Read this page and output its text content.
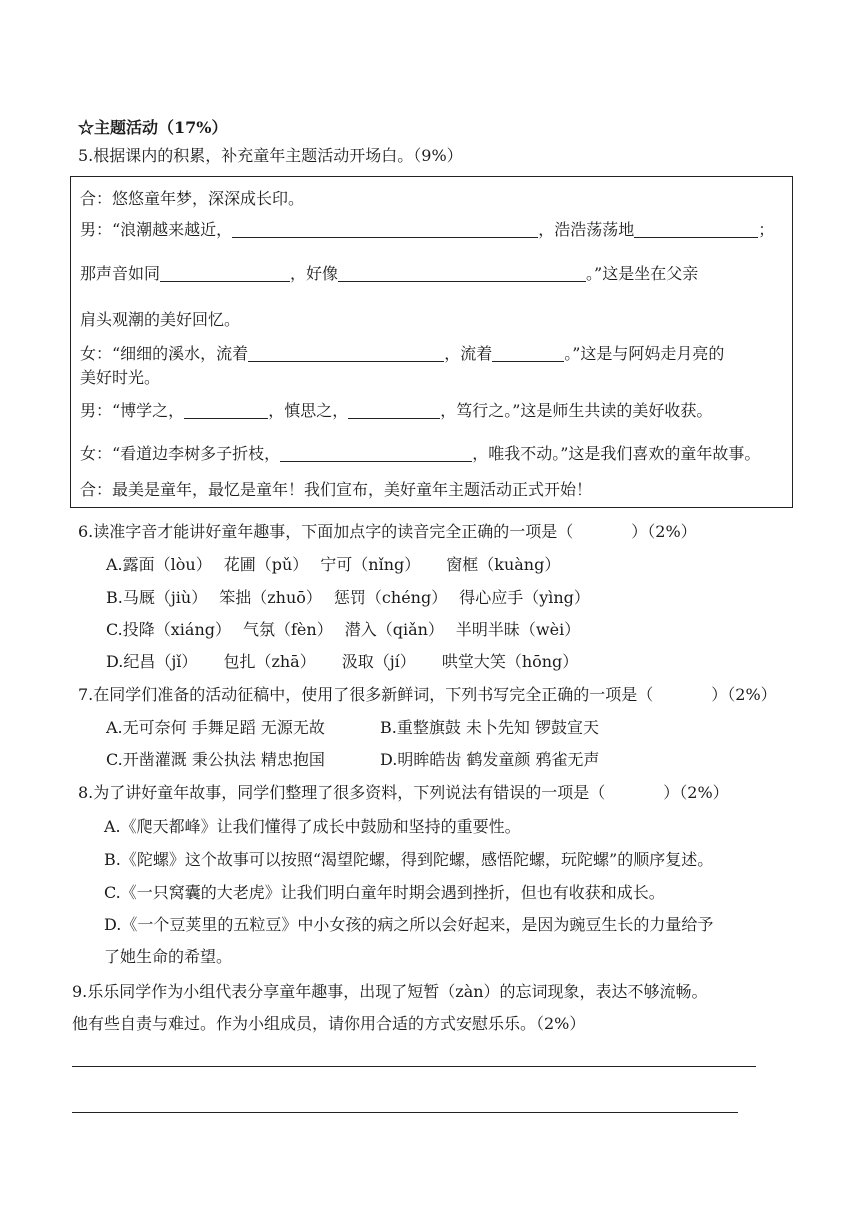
☆主题活动（17%）
5.根据课内的积累，补充童年主题活动开场白。（9%）
合：悠悠童年梦，深深成长印。
男：“浪潮越来越近，	，浩浩荡荡地	；
那声音如同	，好像	。”这是坐在父亲
肩头观潮的美好回忆。
女：“细细的溪水，流着	，流着	。”这是与阿妈走月亮的
美好时光。
男：“博学之，	，慎思之，	，笃行之。”这是师生共读的美好收获。
女：“看道边李树多子折枝，	，唯我不动。”这是我们喜欢的童年故事。
合：最美是童年，最忆是童年！我们宣布，美好童年主题活动正式开始！
6.读准字音才能讲好童年趣事，下面加点字的读音完全正确的一项是（	）（2%）
A.露面（lòu） 花圃（pǔ） 宁可（nǐng） 窗框（kuàng）
B.马厩（jiù） 笨拙（zhuō） 惩罚（chéng） 得心应手（yìng）
C.投降（xiáng） 气氛（fèn） 潜入（qiǎn） 半明半昧（wèi）
D.纪昌（jǐ） 包扎（zhā） 汲取（jí） 哄堂大笑（hōng）
7.在同学们准备的活动征稿中，使用了很多新鲜词，下列书写完全正确的一项是（	）（2%）
A.无可奈何 手舞足蹈 无源无故	B.重整旗鼓 未卜先知 锣鼓宣天
C.开凿灌溉 秉公执法 精忠抱国	D.明眸皓齿 鹤发童颜 鸦雀无声
8.为了讲好童年故事，同学们整理了很多资料，下列说法有错误的一项是（	）（2%）
A.《爬天都峰》让我们懂得了成长中鼓励和坚持的重要性。
B.《陀螺》这个故事可以按照“渴望陀螺，得到陀螺，感悟陀螺，玩陀螺”的顺序复述。
C.《一只窝囊的大老虎》让我们明白童年时期会遇到挫折，但也有收获和成长。
D.《一个豆荚里的五粒豆》中小女孩的病之所以会好起来，是因为豌豆生长的力量给予
了她生命的希望。
9.乐乐同学作为小组代表分享童年趣事，出现了短暂（zàn）的忘词现象，表达不够流畅。
他有些自责与难过。作为小组成员，请你用合适的方式安慰乐乐。（2%）
